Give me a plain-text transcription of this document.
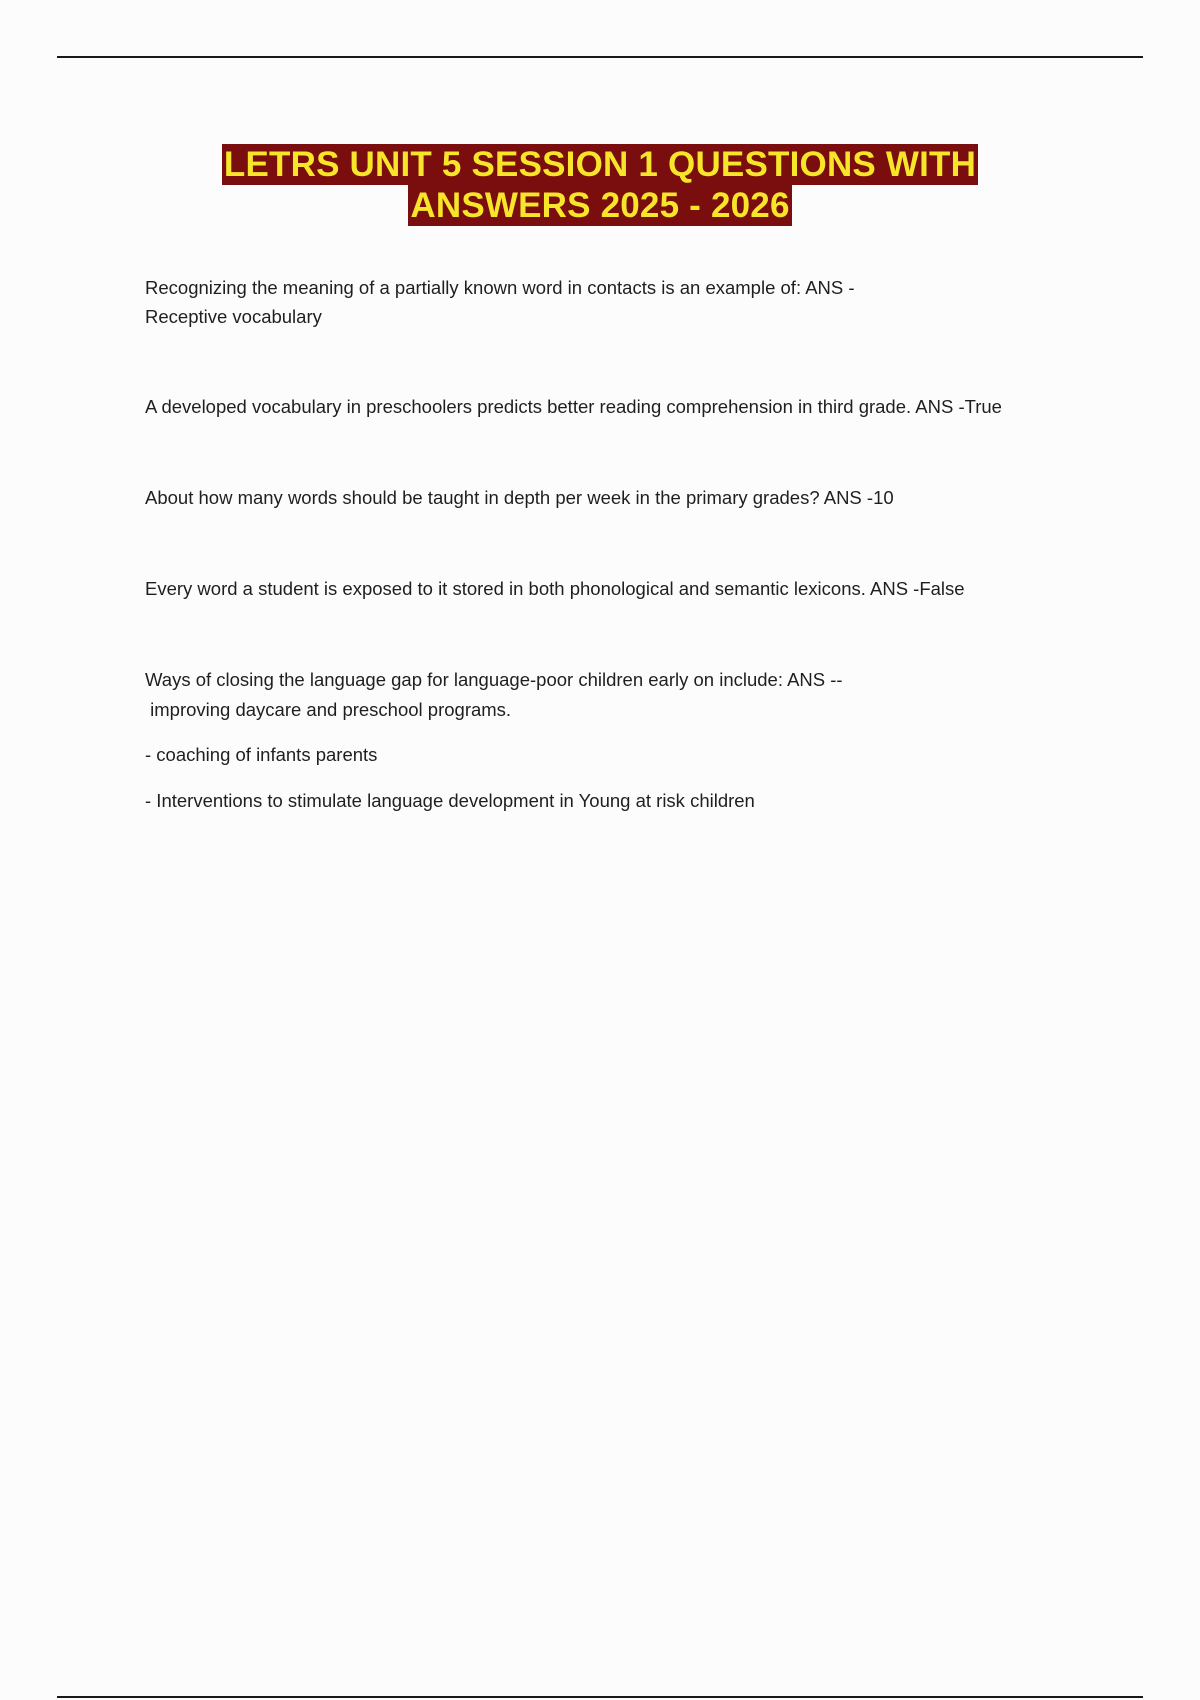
LETRS UNIT 5 SESSION 1 QUESTIONS WITH
ANSWERS 2025 - 2026

Recognizing the meaning of a partially known word in contacts is an example of: ANS -

Receptive vocabulary

A developed vocabulary in preschoolers predicts better reading comprehension in third grade. ANS -True

About how many words should be taught in depth per week in the primary grades? ANS -10

Every word a student is exposed to it stored in both phonological and semantic lexicons. ANS -False

Ways of closing the language gap for language-poor children early on include: ANS --

improving daycare and preschool programs.

- coaching of infants parents

- Interventions to stimulate language development in Young at risk children
